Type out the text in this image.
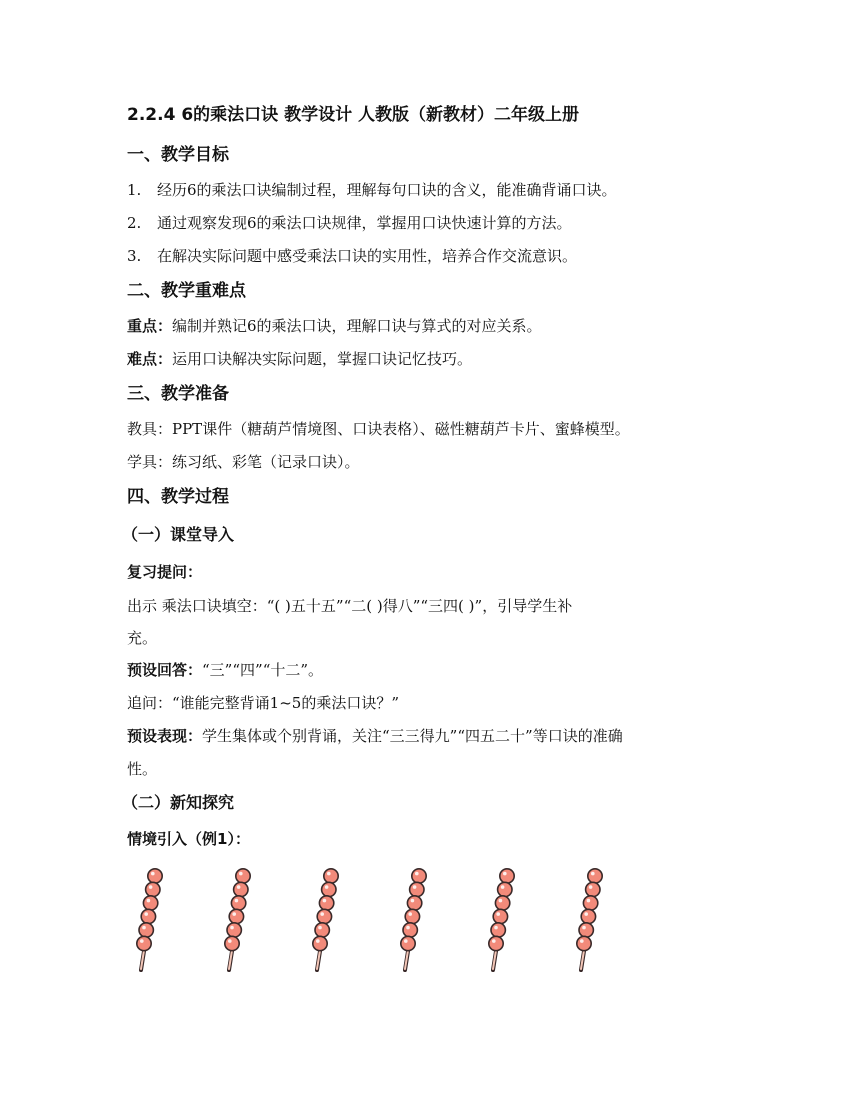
2.2.4 6的乘法口诀 教学设计 人教版（新教材）二年级上册
一、教学目标
1. 经历6的乘法口诀编制过程，理解每句口诀的含义，能准确背诵口诀。
2. 通过观察发现6的乘法口诀规律，掌握用口诀快速计算的方法。
3. 在解决实际问题中感受乘法口诀的实用性，培养合作交流意识。
二、教学重难点
重点：编制并熟记6的乘法口诀，理解口诀与算式的对应关系。
难点：运用口诀解决实际问题，掌握口诀记忆技巧。
三、教学准备
教具：PPT课件（糖葫芦情境图、口诀表格）、磁性糖葫芦卡片、蜜蜂模型。
学具：练习纸、彩笔（记录口诀）。
四、教学过程
（一）课堂导入
复习提问：
出示 乘法口诀填空：“( )五十五”“二( )得八”“三四( )”，引导学生补
充。
预设回答：“三”“四”“十二”。
追问：“谁能完整背诵1~5的乘法口诀？”
预设表现：学生集体或个别背诵，关注“三三得九”“四五二十”等口诀的准确
性。
（二）新知探究
情境引入（例1）：
